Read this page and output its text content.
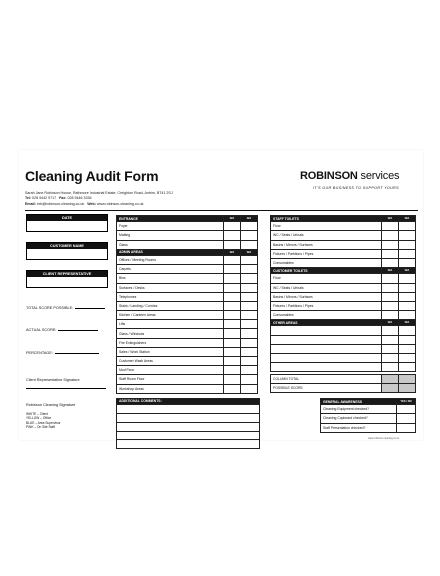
Cleaning Audit Form
Sarah Jane Robinson House, Rathmore Industrial Estate, Creighton Road, Antrim, BT41 2SJ
Tel: 028 9442 9717 Fax: 028 9446 3336
Email: info@robinson-cleaning.co.uk Web: www.robinson-cleaning.co.uk
ROBINSON services
IT'S OUR BUSINESS TO SUPPORT YOURS
DATE
CUSTOMER NAME
CLIENT REPRESENTATIVE
TOTAL SCORE POSSIBLE:
ACTUAL SCORE:
PERCENTAGE:
Client Representative Signature
Robinson Cleaning Signature
WHITE – Client
YELLOW – Office
BLUE – Area Supervisor
PINK – On Site Staff
ENTRANCE	N/A	N/A
Foyer		
Matting		
Glass		
ADMIN AREAS	N/A	N/A
Offices / Meeting Rooms		
Carpets		
Bins		
Surfaces / Desks		
Telephones		
Stairs / Landing / Corridor		
Kitchen / Canteen Areas		
Lifts		
Glass / Windows		
Fire Extinguishers		
Sales / Work Station		
Customer Wash Areas		
Mod Floor		
Staff Room Floor		
Workshop Areas		
STAFF TOILETS	N/A	N/A
Floor		
WC / Seats / Urinals		
Basins / Mirrors / Surfaces		
Fixtures / Partitions / Pipes		
Consumables		
CUSTOMER TOILETS	N/A	N/A
Floor		
WC / Seats / Urinals		
Basins / Mirrors / Surfaces		
Fixtures / Partitions / Pipes		
Consumables		
OTHER AREAS	N/A	N/A

COLUMN TOTAL		
POSSIBLE SCORE		
ADDITIONAL COMMENTS:	GENERAL AWARENESS	YES / NO
Cleaning Equipment checked?	
Cleaning Cupboard checked?	
Staff Presentation checked?	
www.robinson-cleaning.co.uk
